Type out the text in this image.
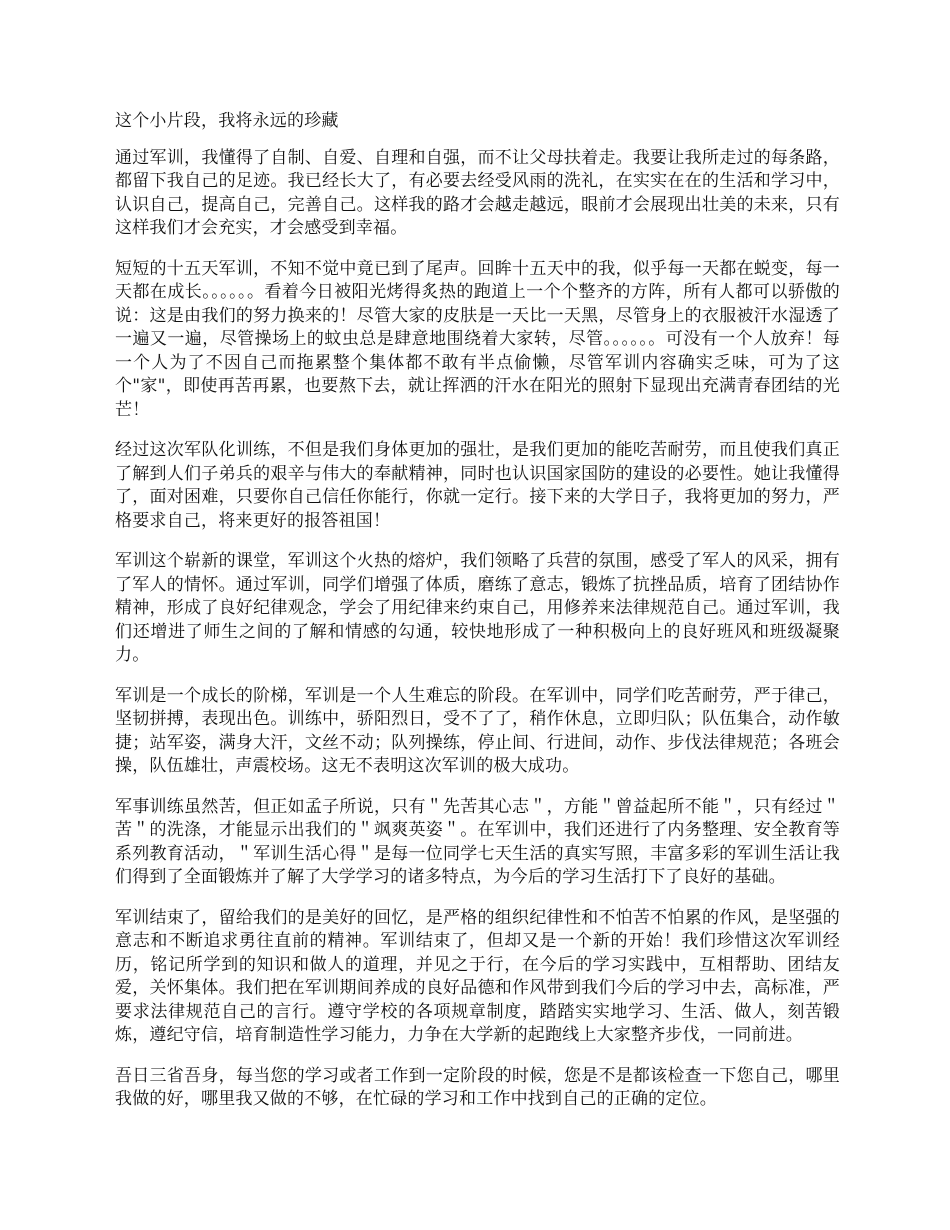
这个小片段，我将永远的珍藏

通过军训，我懂得了自制、自爱、自理和自强，而不让父母扶着走。我要让我所走过的每条路，都留下我自己的足迹。我已经长大了，有必要去经受风雨的洗礼，在实实在在的生活和学习中，认识自己，提高自己，完善自己。这样我的路才会越走越远，眼前才会展现出壮美的未来，只有这样我们才会充实，才会感受到幸福。

短短的十五天军训，不知不觉中竟已到了尾声。回眸十五天中的我，似乎每一天都在蜕变，每一天都在成长。。。。。。看着今日被阳光烤得炙热的跑道上一个个整齐的方阵，所有人都可以骄傲的说：这是由我们的努力换来的！尽管大家的皮肤是一天比一天黑，尽管身上的衣服被汗水湿透了一遍又一遍，尽管操场上的蚊虫总是肆意地围绕着大家转，尽管。。。。。。可没有一个人放弃！每一个人为了不因自己而拖累整个集体都不敢有半点偷懒，尽管军训内容确实乏味，可为了这个"家"，即使再苦再累，也要熬下去，就让挥洒的汗水在阳光的照射下显现出充满青春团结的光芒！

经过这次军队化训练，不但是我们身体更加的强壮，是我们更加的能吃苦耐劳，而且使我们真正了解到人们子弟兵的艰辛与伟大的奉献精神，同时也认识国家国防的建设的必要性。她让我懂得了，面对困难，只要你自己信任你能行，你就一定行。接下来的大学日子，我将更加的努力，严格要求自己，将来更好的报答祖国！

军训这个崭新的课堂，军训这个火热的熔炉，我们领略了兵营的氛围，感受了军人的风采，拥有了军人的情怀。通过军训，同学们增强了体质，磨练了意志，锻炼了抗挫品质，培育了团结协作精神，形成了良好纪律观念，学会了用纪律来约束自己，用修养来法律规范自己。通过军训，我们还增进了师生之间的了解和情感的勾通，较快地形成了一种积极向上的良好班风和班级凝聚力。

军训是一个成长的阶梯，军训是一个人生难忘的阶段。在军训中，同学们吃苦耐劳，严于律己，坚韧拼搏，表现出色。训练中，骄阳烈日，受不了了，稍作休息，立即归队；队伍集合，动作敏捷；站军姿，满身大汗，文丝不动；队列操练，停止间、行进间，动作、步伐法律规范；各班会操，队伍雄壮，声震校场。这无不表明这次军训的极大成功。

军事训练虽然苦，但正如孟子所说，只有＂先苦其心志＂，方能＂曾益起所不能＂，只有经过＂苦＂的洗涤，才能显示出我们的＂飒爽英姿＂。在军训中，我们还进行了内务整理、安全教育等系列教育活动，＂军训生活心得＂是每一位同学七天生活的真实写照，丰富多彩的军训生活让我们得到了全面锻炼并了解了大学学习的诸多特点，为今后的学习生活打下了良好的基础。

军训结束了，留给我们的是美好的回忆，是严格的组织纪律性和不怕苦不怕累的作风，是坚强的意志和不断追求勇往直前的精神。军训结束了，但却又是一个新的开始！我们珍惜这次军训经历，铭记所学到的知识和做人的道理，并见之于行，在今后的学习实践中，互相帮助、团结友爱，关怀集体。我们把在军训期间养成的良好品德和作风带到我们今后的学习中去，高标准，严要求法律规范自己的言行。遵守学校的各项规章制度，踏踏实实地学习、生活、做人，刻苦锻炼，遵纪守信，培育制造性学习能力，力争在大学新的起跑线上大家整齐步伐，一同前进。

吾日三省吾身，每当您的学习或者工作到一定阶段的时候，您是不是都该检查一下您自己，哪里我做的好，哪里我又做的不够，在忙碌的学习和工作中找到自己的正确的定位。
